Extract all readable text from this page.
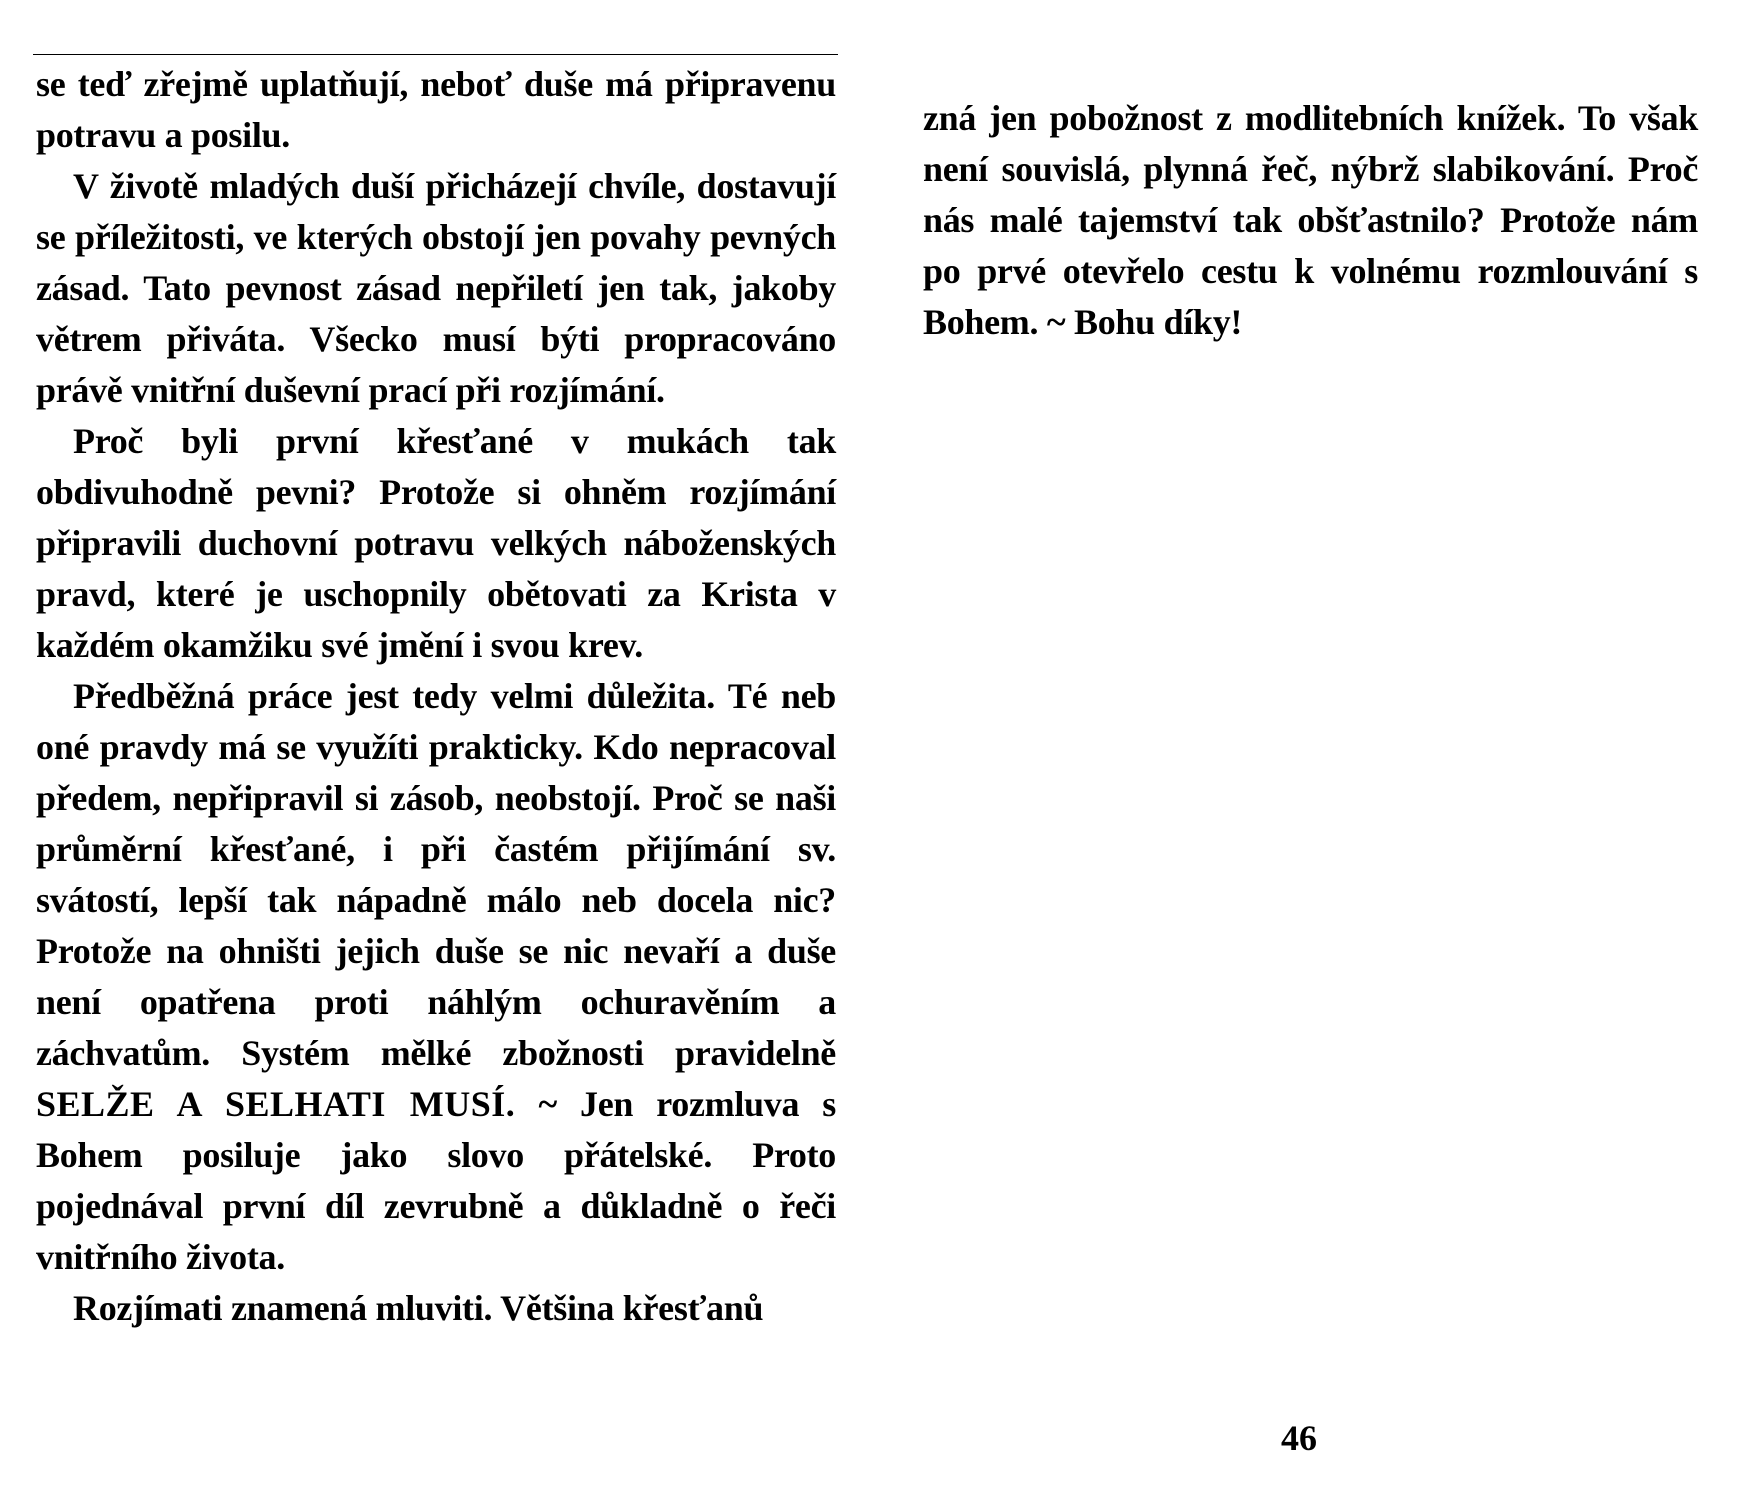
se teď zřejmě uplatňují, neboť duše má připravenu potravu a posilu.

V životě mladých duší přicházejí chvíle, dostavují se příležitosti, ve kterých obstojí jen povahy pevných zásad. Tato pevnost zásad nepřiletí jen tak, jakoby větrem přiváta. Všecko musí býti propracováno právě vnitřní duševní prací při rozjímání.

Proč byli první křesťané v mukách tak obdivuhodně pevni? Protože si ohněm rozjímání připravili duchovní potravu velkých náboženských pravd, které je uschopnily obětovati za Krista v každém okamžiku své jmění i svou krev.

Předběžná práce jest tedy velmi důležita. Té neb oné pravdy má se využíti prakticky. Kdo nepracoval předem, nepřipravil si zásob, neobstojí. Proč se naši průměrní křesťané, i při častém přijímání sv. svátostí, lepší tak nápadně málo neb docela nic? Protože na ohništi jejich duše se nic nevaří a duše není opatřena proti náhlým ochuravěním a záchvatům. Systém mělké zbožnosti pravidelně SELŽE A SELHATI MUSÍ. ~ Jen rozmluva s Bohem posiluje jako slovo přátelské. Proto pojednával první díl zevrubně a důkladně o řeči vnitřního života.

Rozjímati znamená mluviti. Většina křesťanů

zná jen pobožnost z modlitebních knížek. To však není souvislá, plynná řeč, nýbrž slabikování. Proč nás malé tajemství tak obšťastnilo? Protože nám po prvé otevřelo cestu k volnému rozmlouvání s Bohem. ~ Bohu díky!

46
